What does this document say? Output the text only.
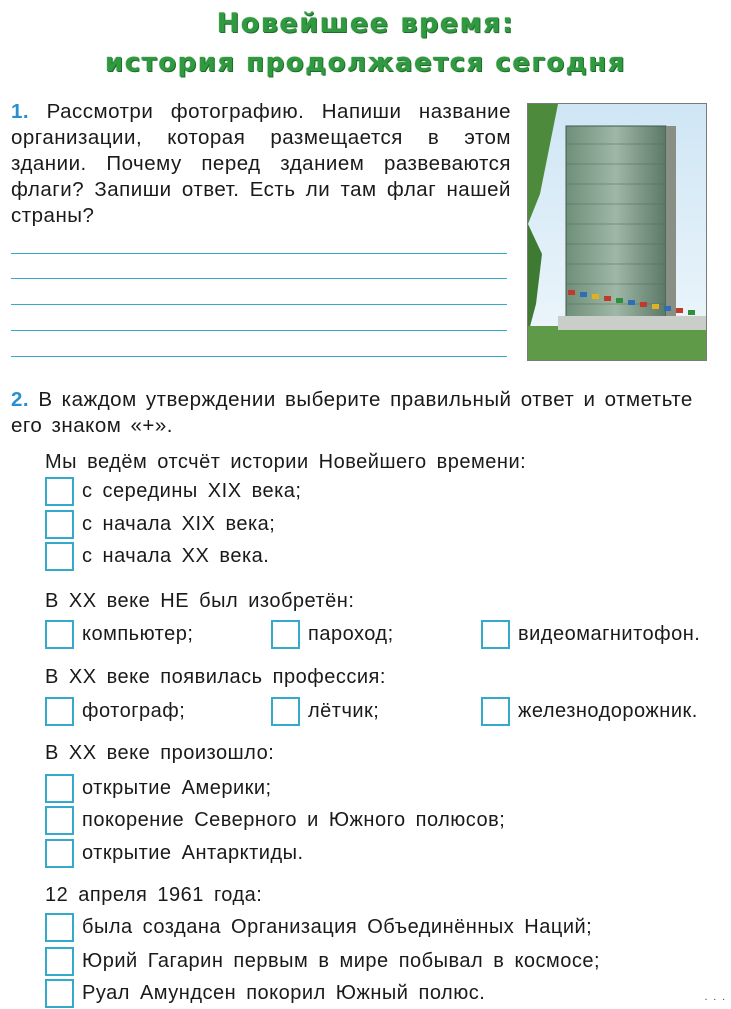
Новейшее время:
история продолжается сегодня
1. Рассмотри фотографию. Напиши название организации, которая размещается в этом здании. Почему перед зданием развеваются флаги? Запиши ответ. Есть ли там флаг нашей страны?
2. В каждом утверждении выберите правильный ответ и отметьте его знаком «+».
Мы ведём отсчёт истории Новейшего времени:
с середины XIX века;
с начала XIX века;
с начала XX века.
В XX веке НЕ был изобретён:
компьютер;	пароход;	видеомагнитофон.
В XX веке появилась профессия:
фотограф;	лётчик;	железнодорожник.
В XX веке произошло:
открытие Америки;
покорение Северного и Южного полюсов;
открытие Антарктиды.
12 апреля 1961 года:
была создана Организация Объединённых Наций;
Юрий Гагарин первым в мире побывал в космосе;
Руал Амундсен покорил Южный полюс.	...
